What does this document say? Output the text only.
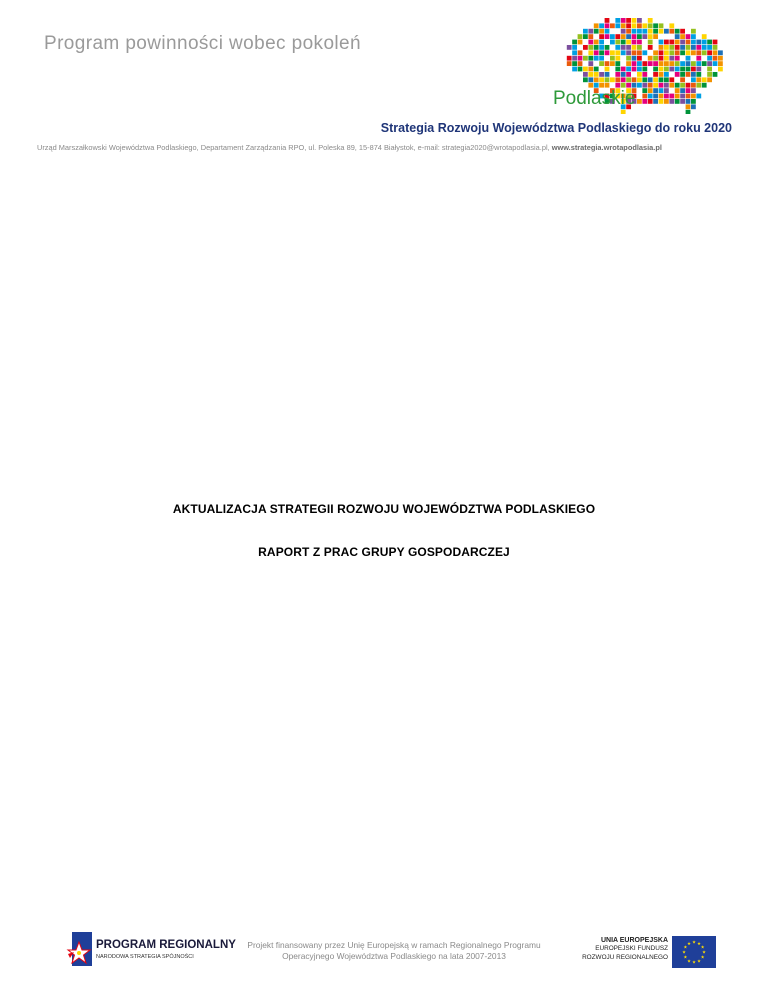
Program powinności wobec pokoleń
Podlaskie
Strategia Rozwoju Województwa Podlaskiego do roku 2020
Urząd Marszałkowski Województwa Podlaskiego, Departament Zarządzania RPO, ul. Poleska 89, 15-874 Białystok, e-mail: strategia2020@wrotapodlasia.pl, www.strategia.wrotapodlasia.pl
AKTUALIZACJA STRATEGII ROZWOJU WOJEWÓDZTWA PODLASKIEGO
RAPORT Z PRAC GRUPY GOSPODARCZEJ
PROGRAM REGIONALNY
NARODOWA STRATEGIA SPÓJNOŚCI
Projekt finansowany przez Unię Europejską w ramach Regionalnego Programu
Operacyjnego Województwa Podlaskiego na lata 2007-2013
UNIA EUROPEJSKA
EUROPEJSKI FUNDUSZ
ROZWOJU REGIONALNEGO
★
★
★
★
★
★
★
★
★ ★ ★
★
